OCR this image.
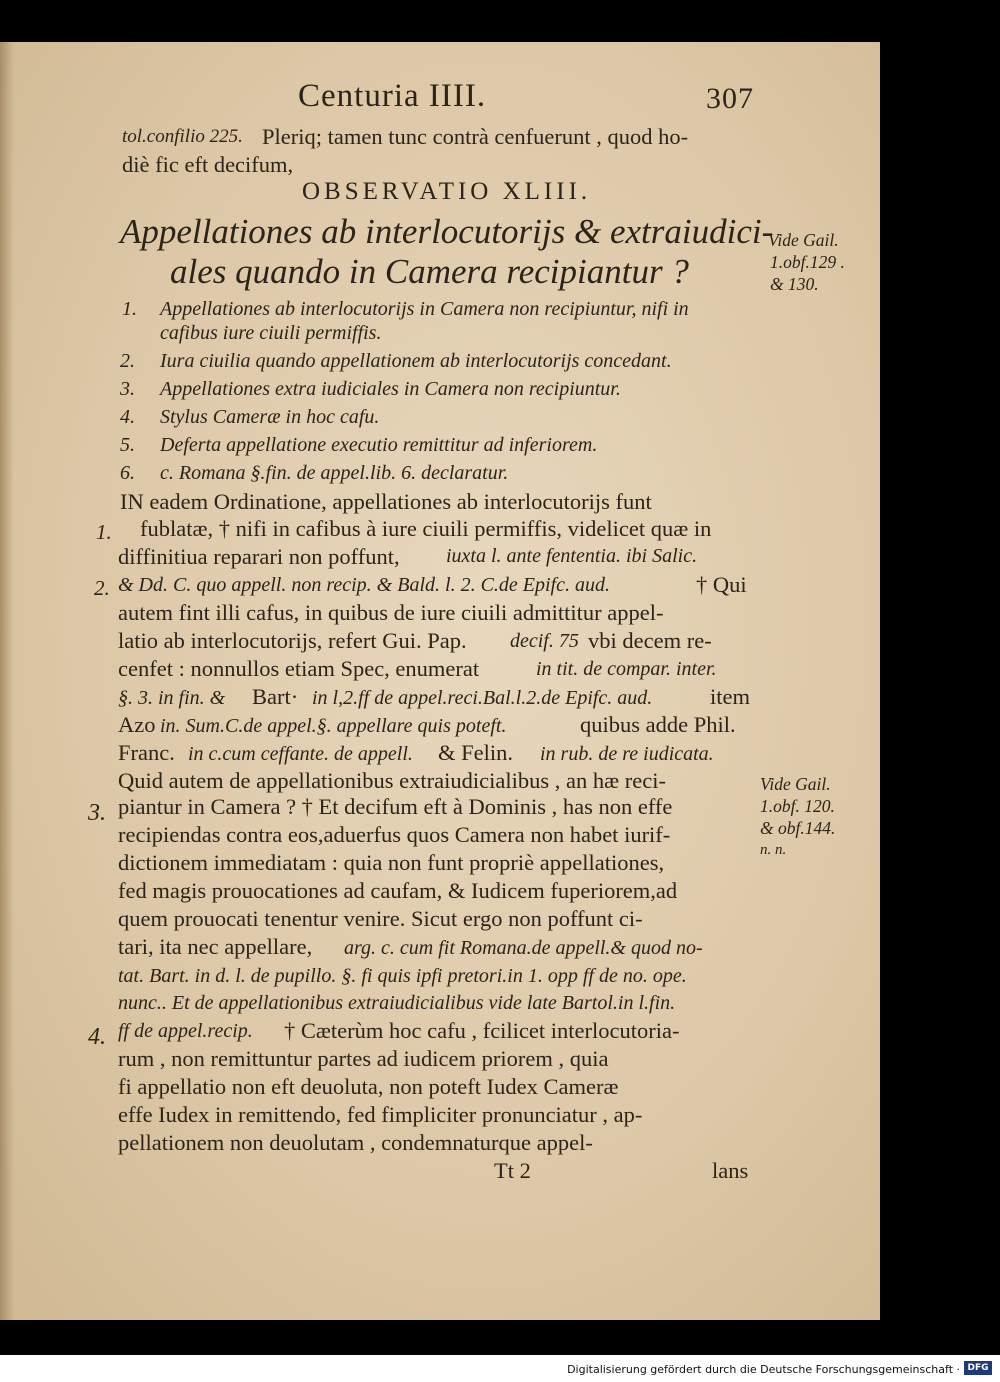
Centuria IIII.	307
tol.confilio 225. Pleriq; tamen tunc contrà cenfuerunt , quod ho-
diè fic eft decifum,
OBSERVATIO XLIII.
Appellationes ab interlocutorijs & extraiudici-
ales quando in Camera recipiantur ?
1. Appellationes ab interlocutorijs in Camera non recipiuntur, nifi in
cafibus iure ciuili permiffis.
2. Iura ciuilia quando appellationem ab interlocutorijs concedant.
3. Appellationes extra iudiciales in Camera non recipiuntur.
4. Stylus Cameræ in hoc cafu.
5. Deferta appellatione executio remittitur ad inferiorem.
6. c. Romana §.fin. de appel.lib. 6. declaratur.
IN eadem Ordinatione, appellationes ab interlocutorijs funt
fublatæ, † nifi in cafibus à iure ciuili permiffis, videlicet quæ in
diffinitiua reparari non poffunt, iuxta l. ante fententia. ibi Salic.
& Dd. C. quo appell. non recip. & Bald. l. 2. C.de Epifc. aud.	† Qui
autem fint illi cafus, in quibus de iure ciuili admittitur appel-
latio ab interlocutorijs, refert Gui. Pap. decif. 75 vbi decem re-
cenfet : nonnullos etiam Spec, enumerat	in tit. de compar. inter.
§. 3. in fin. & Bart· in l,2.ff de appel.reci.Bal.l.2.de Epifc. aud.	item
Azo in. Sum.C.de appel.§. appellare quis poteft.	quibus adde Phil.
Franc. in c.cum ceffante. de appell. & Felin. in rub. de re iudicata.
Quid autem de appellationibus extraiudicialibus , an hæ reci-
piantur in Camera ? † Et decifum eft à Dominis , has non effe
recipiendas contra eos,aduerfus quos Camera non habet iurif-
dictionem immediatam : quia non funt propriè appellationes,
fed magis prouocationes ad caufam, & Iudicem fuperiorem,ad
quem prouocati tenentur venire. Sicut ergo non poffunt ci-
tari, ita nec appellare, arg. c. cum fit Romana.de appell.& quod no-
tat. Bart. in d. l. de pupillo. §. fi quis ipfi pretori.in 1. opp ff de no. ope.
nunc.. Et de appellationibus extraiudicialibus vide late Bartol.in l.fin.
ff de appel.recip. † Cæterùm hoc cafu , fcilicet interlocutoria-
rum , non remittuntur partes ad iudicem priorem , quia
fi appellatio non eft deuoluta, non poteft Iudex Cameræ
effe Iudex in remittendo, fed fimpliciter pronunciatur , ap-
pellationem non deuolutam , condemnaturque appel-
Tt 2	lans
1.
2.
3.
4.
Vide Gail.
1.obf.129 .
& 130.
Vide Gail.
1.obf. 120.
& obf.144.
n. n.
Digitalisierung gefördert durch die Deutsche Forschungsgemeinschaft · DFG
